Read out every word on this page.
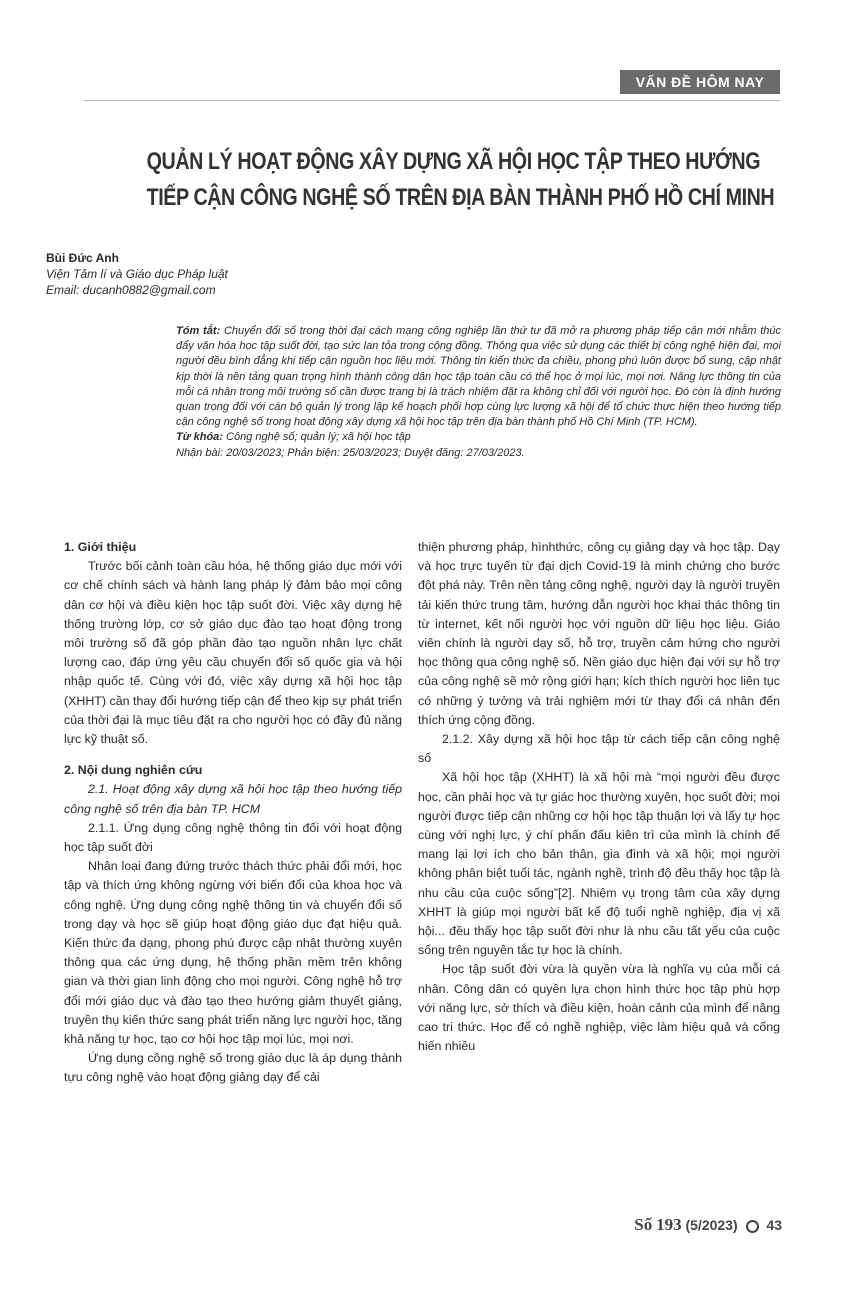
VẤN ĐỀ HÔM NAY
QUẢN LÝ HOẠT ĐỘNG XÂY DỰNG XÃ HỘI HỌC TẬP THEO HƯỚNG
TIẾP CẬN CÔNG NGHỆ SỐ TRÊN ĐỊA BÀN THÀNH PHỐ HỒ CHÍ MINH
Bùi Đức Anh
Viện Tâm lí và Giáo dục Pháp luật
Email: ducanh0882@gmail.com
Tóm tắt: Chuyển đổi số trong thời đại cách mạng công nghiệp lần thứ tư đã mở ra phương pháp tiếp cận mới nhằm thúc đẩy văn hóa học tập suốt đời, tạo sức lan tỏa trong cộng đồng. Thông qua việc sử dụng các thiết bị công nghệ hiện đại, mọi người đều bình đẳng khi tiếp cận nguồn học liệu mới. Thông tin kiến thức đa chiều, phong phú luôn được bổ sung, cập nhật kịp thời là nền tảng quan trọng hình thành công dân học tập toàn cầu có thể học ở mọi lúc, mọi nơi. Năng lực thông tin của mỗi cá nhân trong môi trường số cần được trang bị là trách nhiệm đặt ra không chỉ đối với người học. Đó còn là định hướng quan trọng đối với cán bộ quản lý trong lập kế hoạch phối hợp cùng lực lượng xã hội để tổ chức thực hiện theo hướng tiếp cận công nghệ số trong hoạt động xây dựng xã hội học tập trên địa bàn thành phố Hồ Chí Minh (TP. HCM).
Từ khóa: Công nghệ số; quản lý; xã hội học tập
Nhận bài: 20/03/2023; Phản biện: 25/03/2023; Duyệt đăng: 27/03/2023.

1. Giới thiệu

Trước bối cảnh toàn cầu hóa, hệ thống giáo dục mới với cơ chế chính sách và hành lang pháp lý đảm bảo mọi công dân cơ hội và điều kiện học tập suốt đời. Việc xây dựng hệ thống trường lớp, cơ sở giáo dục đào tạo hoạt động trong môi trường số đã góp phần đào tạo nguồn nhân lực chất lượng cao, đáp ứng yêu cầu chuyển đổi số quốc gia và hội nhập quốc tế. Cùng với đó, việc xây dựng xã hội học tập (XHHT) cần thay đổi hướng tiếp cận để theo kịp sự phát triển của thời đại là mục tiêu đặt ra cho người học có đầy đủ năng lực kỹ thuật số.

2. Nội dung nghiên cứu

2.1. Hoạt động xây dựng xã hội học tập theo hướng tiếp công nghệ số trên địa bàn TP. HCM

2.1.1. Ứng dụng công nghệ thông tin đối với hoạt động học tập suốt đời

Nhân loại đang đứng trước thách thức phải đổi mới, học tập và thích ứng không ngừng với biến đổi của khoa học và công nghệ. Ứng dụng công nghệ thông tin và chuyển đổi số trong dạy và học sẽ giúp hoạt động giáo dục đạt hiệu quả. Kiến thức đa dạng, phong phú được cập nhật thường xuyên thông qua các ứng dụng, hệ thống phần mềm trên không gian và thời gian linh động cho mọi người. Công nghệ hỗ trợ đổi mới giáo dục và đào tạo theo hướng giảm thuyết giảng, truyền thụ kiến thức sang phát triển năng lực người học, tăng khả năng tự học, tạo cơ hội học tập mọi lúc, mọi nơi.

Ứng dụng công nghệ số trong giáo dục là áp dụng thành tựu công nghệ vào hoạt động giảng dạy để cải

thiện phương pháp, hìnhthức, công cụ giảng dạy và học tập. Dạy và học trực tuyến từ đại dịch Covid-19 là minh chứng cho bước đột phá này. Trên nền tảng công nghệ, người dạy là người truyền tải kiến thức trung tâm, hướng dẫn người học khai thác thông tin từ internet, kết nối người học với nguồn dữ liệu học liệu. Giáo viên chính là người dạy số, hỗ trợ, truyền cảm hứng cho người học thông qua công nghệ số. Nền giáo dục hiện đại với sự hỗ trợ của công nghệ sẽ mở rộng giới hạn; kích thích người học liên tục có những ý tưởng và trải nghiệm mới từ thay đổi cá nhân đến thích ứng cộng đồng.

2.1.2. Xây dựng xã hội học tập từ cách tiếp cận công nghệ số

Xã hội học tập (XHHT) là xã hội mà “mọi người đều được học, cần phải học và tự giác học thường xuyên, học suốt đời; mọi người được tiếp cận những cơ hội học tập thuận lợi và lấy tự học cùng với nghị lực, ý chí phấn đấu kiên trì của mình là chính để mang lại lợi ích cho bản thân, gia đình và xã hội; mọi người không phân biệt tuổi tác, ngành nghề, trình độ đều thấy học tập là nhu cầu của cuộc sống”[2]. Nhiệm vụ trọng tâm của xây dựng XHHT là giúp mọi người bất kể độ tuổi nghề nghiệp, địa vị xã hội... đều thấy học tập suốt đời như là nhu cầu tất yếu của cuộc sống trên nguyên tắc tự học là chính.

Học tập suốt đời vừa là quyền vừa là nghĩa vụ của mỗi cá nhân. Công dân có quyền lựa chọn hình thức học tập phù hợp với năng lực, sở thích và điều kiện, hoàn cảnh của mình để nâng cao tri thức. Học để có nghề nghiệp, việc làm hiệu quả và cống hiến nhiều

Số 193 (5/2023) 43
